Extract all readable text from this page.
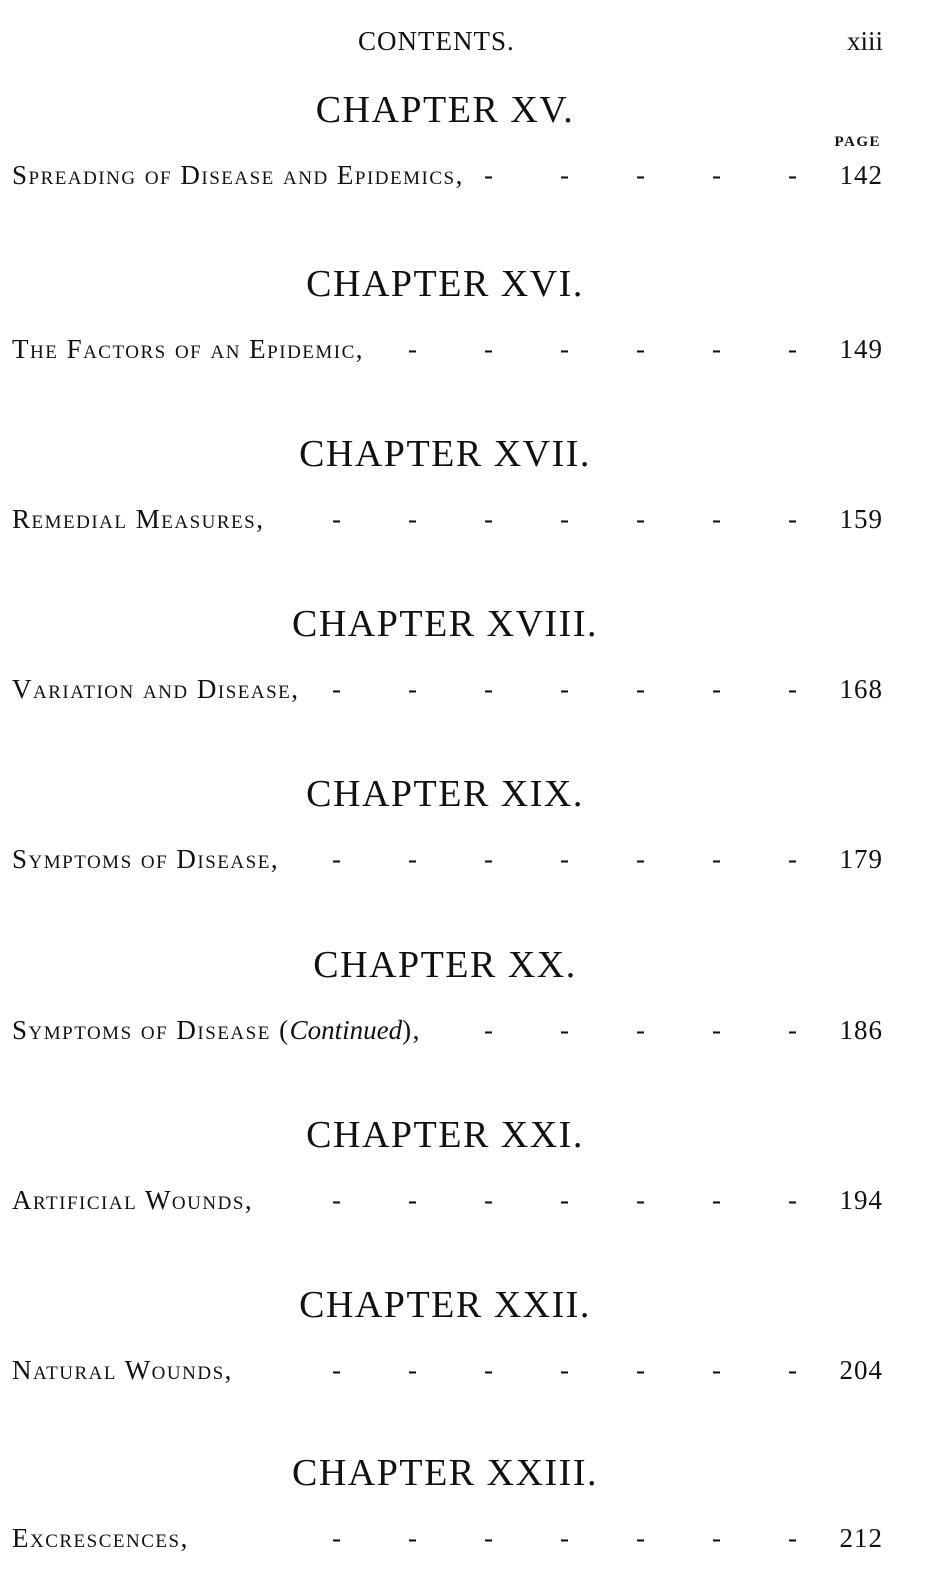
CONTENTS.	xiii
PAGE
CHAPTER XV.
Spreading of Disease and Epidemics,	142
-
-
-
-
-
CHAPTER XVI.
The Factors of an Epidemic,	149
-
-
-
-
-
-
CHAPTER XVII.
Remedial Measures,	159
-
-
-
-
-
-
-
CHAPTER XVIII.
Variation and Disease,	168
-
-
-
-
-
-
-
CHAPTER XIX.
Symptoms of Disease,	179
-
-
-
-
-
-
-
CHAPTER XX.
Symptoms of Disease (Continued),	186
-
-
-
-
-
CHAPTER XXI.
Artificial Wounds,	194
-
-
-
-
-
-
-
CHAPTER XXII.
Natural Wounds,	204
-
-
-
-
-
-
-
CHAPTER XXIII.
Excrescences,	212
-
-
-
-
-
-
-
